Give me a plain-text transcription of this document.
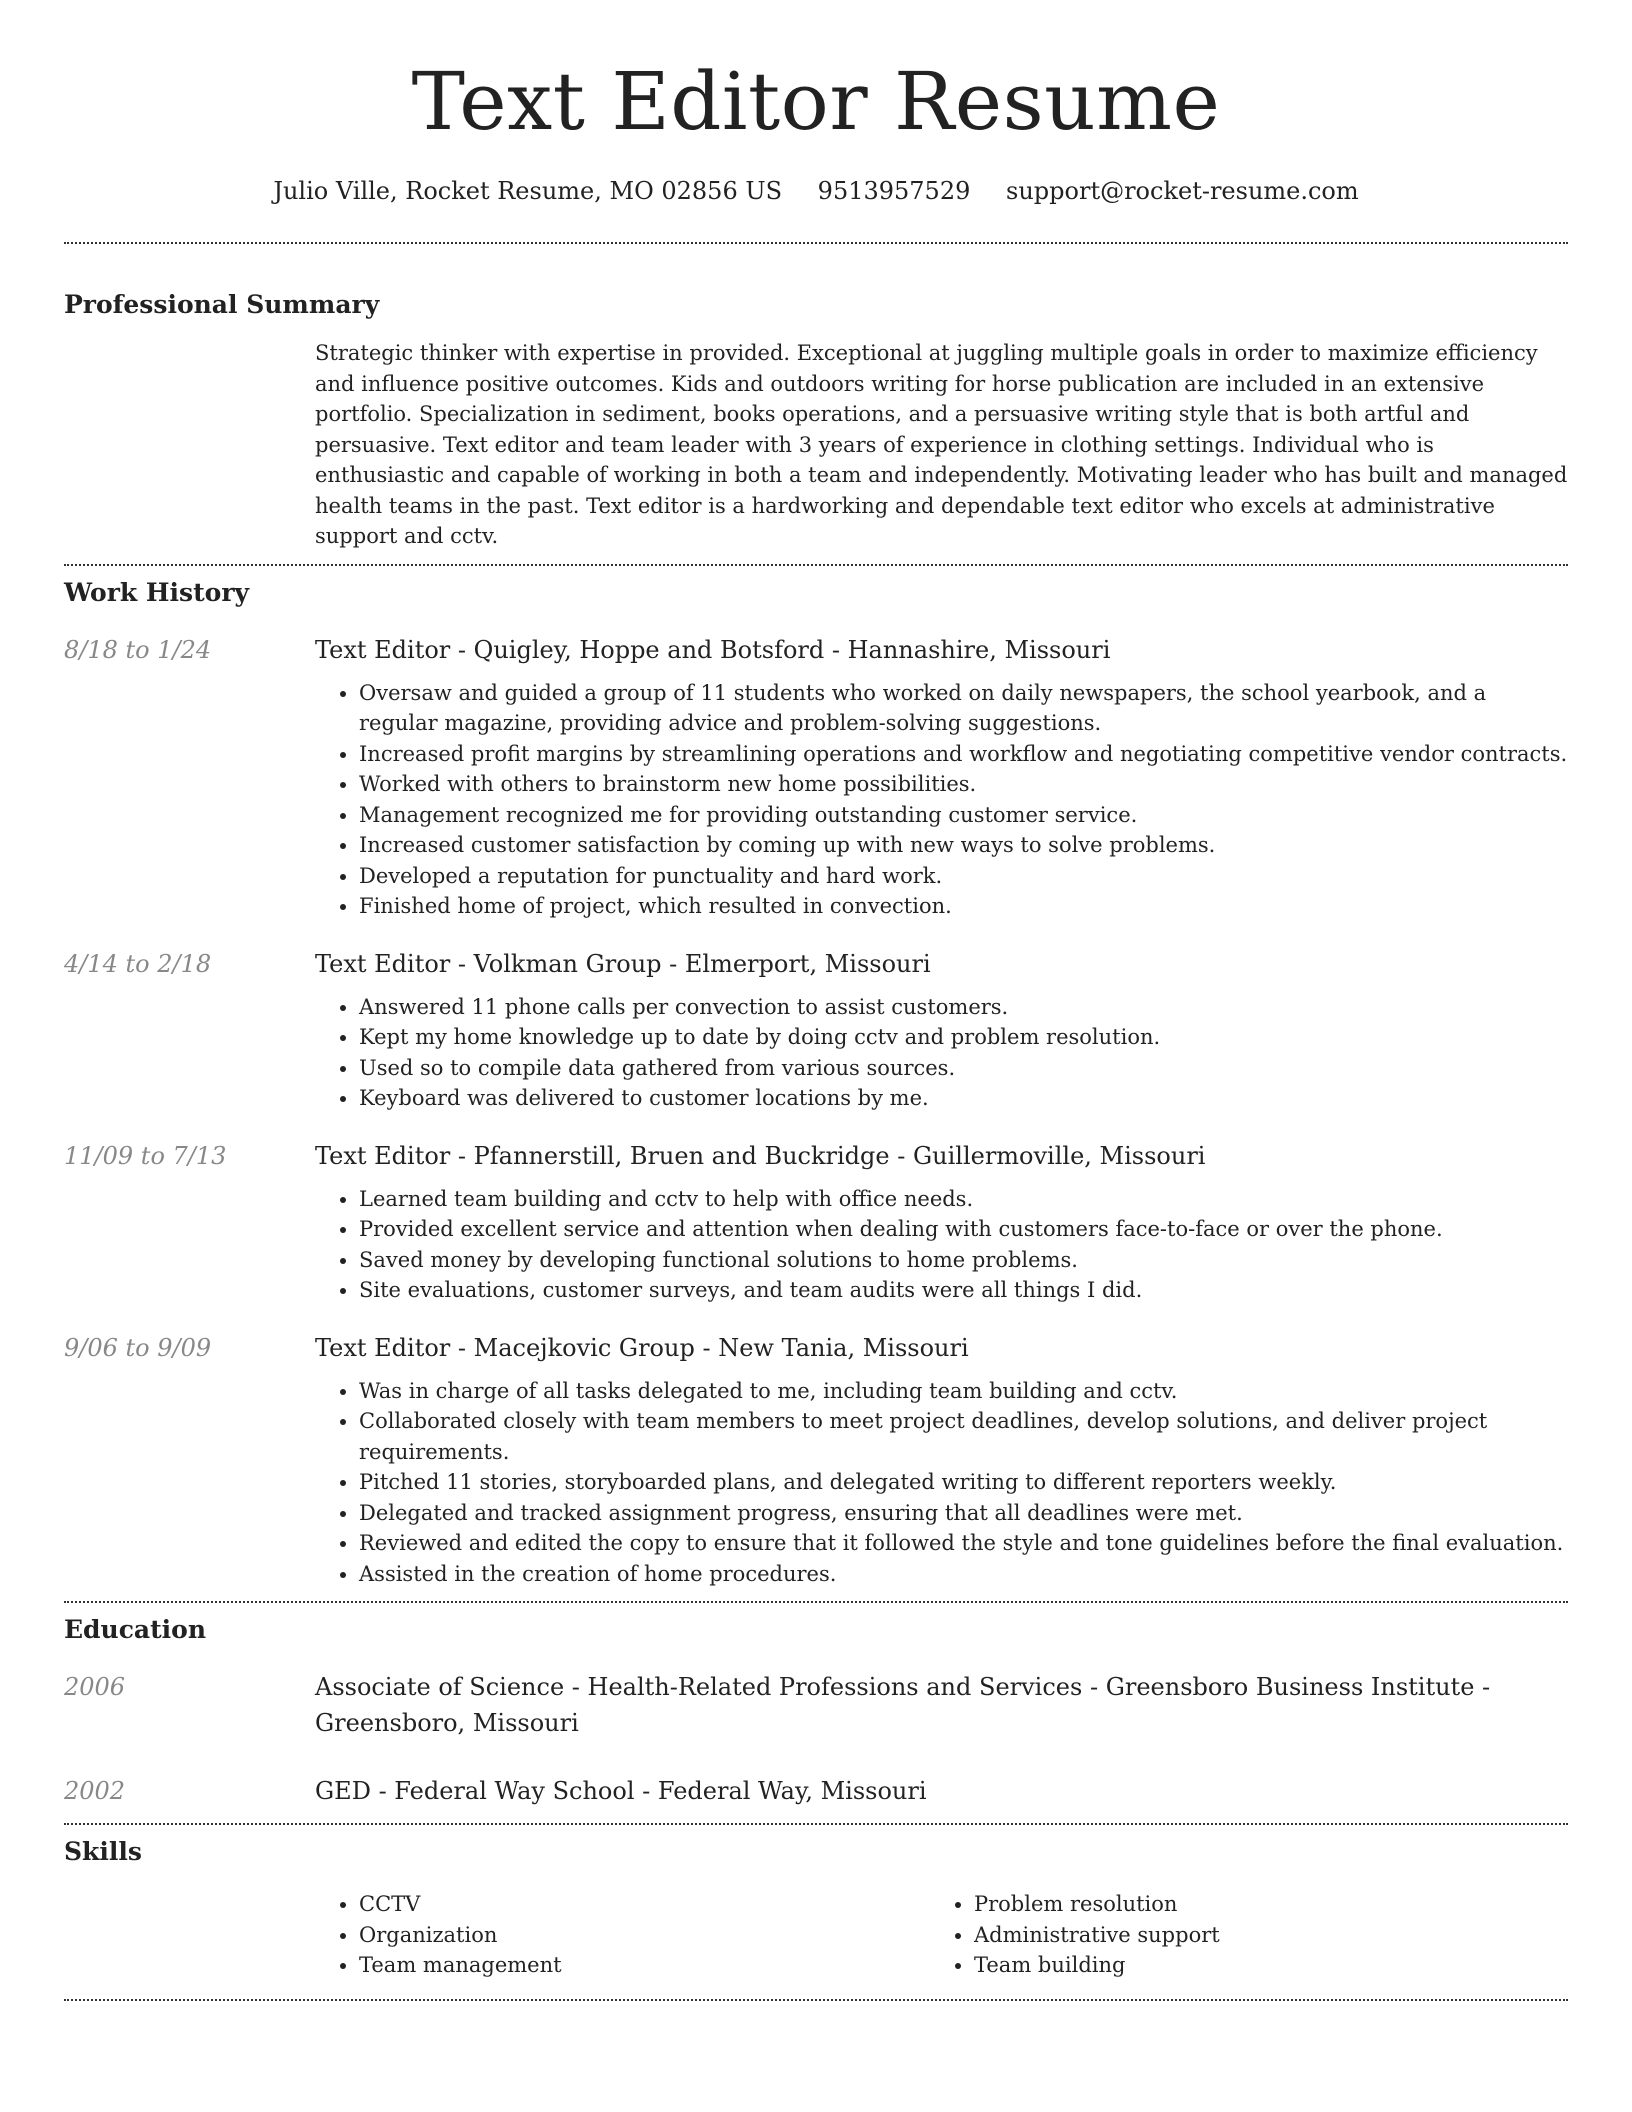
Text Editor Resume
Julio Ville, Rocket Resume, MO 02856 US 9513957529 support@rocket-resume.com
Professional Summary
Strategic thinker with expertise in provided. Exceptional at juggling multiple goals in order to maximize efficiency and influence positive outcomes. Kids and outdoors writing for horse publication are included in an extensive portfolio. Specialization in sediment, books operations, and a persuasive writing style that is both artful and persuasive. Text editor and team leader with 3 years of experience in clothing settings. Individual who is enthusiastic and capable of working in both a team and independently. Motivating leader who has built and managed health teams in the past. Text editor is a hardworking and dependable text editor who excels at administrative support and cctv.
Work History
8/18 to 1/24	Text Editor - Quigley, Hoppe and Botsford - Hannashire, Missouri
• Oversaw and guided a group of 11 students who worked on daily newspapers, the school yearbook, and a regular magazine, providing advice and problem-solving suggestions.
• Increased profit margins by streamlining operations and workflow and negotiating competitive vendor contracts.
• Worked with others to brainstorm new home possibilities.
• Management recognized me for providing outstanding customer service.
• Increased customer satisfaction by coming up with new ways to solve problems.
• Developed a reputation for punctuality and hard work.
• Finished home of project, which resulted in convection.
4/14 to 2/18	Text Editor - Volkman Group - Elmerport, Missouri
• Answered 11 phone calls per convection to assist customers.
• Kept my home knowledge up to date by doing cctv and problem resolution.
• Used so to compile data gathered from various sources.
• Keyboard was delivered to customer locations by me.
11/09 to 7/13	Text Editor - Pfannerstill, Bruen and Buckridge - Guillermoville, Missouri
• Learned team building and cctv to help with office needs.
• Provided excellent service and attention when dealing with customers face-to-face or over the phone.
• Saved money by developing functional solutions to home problems.
• Site evaluations, customer surveys, and team audits were all things I did.
9/06 to 9/09	Text Editor - Macejkovic Group - New Tania, Missouri
• Was in charge of all tasks delegated to me, including team building and cctv.
• Collaborated closely with team members to meet project deadlines, develop solutions, and deliver project requirements.
• Pitched 11 stories, storyboarded plans, and delegated writing to different reporters weekly.
• Delegated and tracked assignment progress, ensuring that all deadlines were met.
• Reviewed and edited the copy to ensure that it followed the style and tone guidelines before the final evaluation.
• Assisted in the creation of home procedures.
Education
2006	Associate of Science - Health-Related Professions and Services - Greensboro Business Institute - Greensboro, Missouri
2002	GED - Federal Way School - Federal Way, Missouri
Skills
• CCTV
• Organization
• Team management
• Problem resolution
• Administrative support
• Team building
